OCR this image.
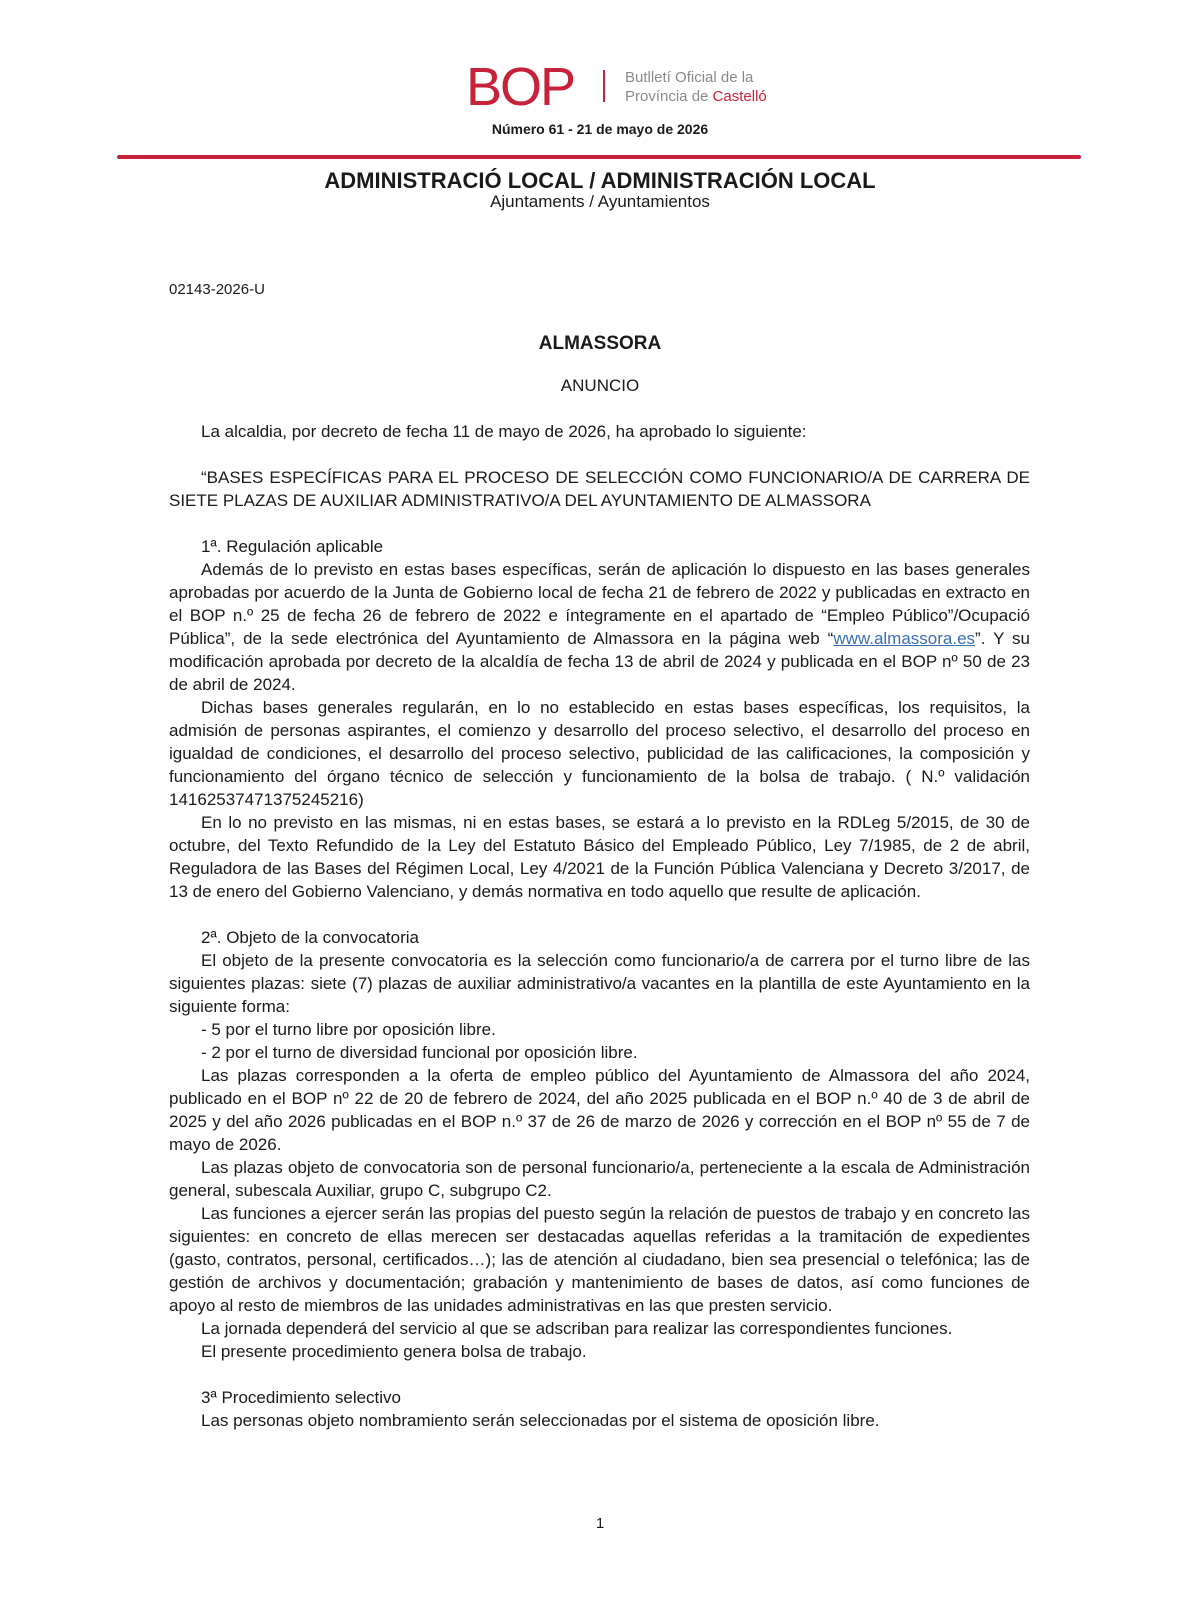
BOP	Butlletí Oficial de la
Província de Castelló
Número 61 - 21 de mayo de 2026
ADMINISTRACIÓ LOCAL / ADMINISTRACIÓN LOCAL
Ajuntaments / Ayuntamientos
02143-2026-U
ALMASSORA
ANUNCIO

La alcaldia, por decreto de fecha 11 de mayo de 2026, ha aprobado lo siguiente:

“BASES ESPECÍFICAS PARA EL PROCESO DE SELECCIÓN COMO FUNCIONARIO/A DE CARRERA DE SIETE PLAZAS DE AUXILIAR ADMINISTRATIVO/A DEL AYUNTAMIENTO DE ALMASSORA

1ª. Regulación aplicable

Además de lo previsto en estas bases específicas, serán de aplicación lo dispuesto en las bases generales aprobadas por acuerdo de la Junta de Gobierno local de fecha 21 de febrero de 2022 y publicadas en extracto en el BOP n.º 25 de fecha 26 de febrero de 2022 e íntegramente en el apartado de “Empleo Público”/Ocupació Pública”, de la sede electrónica del Ayuntamiento de Almassora en la página web “www.almassora.es”. Y su modificación aprobada por decreto de la alcaldía de fecha 13 de abril de 2024 y publicada en el BOP nº 50 de 23 de abril de 2024.

Dichas bases generales regularán, en lo no establecido en estas bases específicas, los requisitos, la admisión de personas aspirantes, el comienzo y desarrollo del proceso selectivo, el desarrollo del proceso en igualdad de condiciones, el desarrollo del proceso selectivo, publicidad de las calificaciones, la composición y funcionamiento del órgano técnico de selección y funcionamiento de la bolsa de trabajo. ( N.º validación 14162537471375245216)

En lo no previsto en las mismas, ni en estas bases, se estará a lo previsto en la RDLeg 5/2015, de 30 de octubre, del Texto Refundido de la Ley del Estatuto Básico del Empleado Público, Ley 7/1985, de 2 de abril, Reguladora de las Bases del Régimen Local, Ley 4/2021 de la Función Pública Valenciana y Decreto 3/2017, de 13 de enero del Gobierno Valenciano, y demás normativa en todo aquello que resulte de aplicación.

2ª. Objeto de la convocatoria

El objeto de la presente convocatoria es la selección como funcionario/a de carrera por el turno libre de las siguientes plazas: siete (7) plazas de auxiliar administrativo/a vacantes en la plantilla de este Ayuntamiento en la siguiente forma:

- 5 por el turno libre por oposición libre.

- 2 por el turno de diversidad funcional por oposición libre.

Las plazas corresponden a la oferta de empleo público del Ayuntamiento de Almassora del año 2024, publicado en el BOP nº 22 de 20 de febrero de 2024, del año 2025 publicada en el BOP n.º 40 de 3 de abril de 2025 y del año 2026 publicadas en el BOP n.º 37 de 26 de marzo de 2026 y corrección en el BOP nº 55 de 7 de mayo de 2026.

Las plazas objeto de convocatoria son de personal funcionario/a, perteneciente a la escala de Administración general, subescala Auxiliar, grupo C, subgrupo C2.

Las funciones a ejercer serán las propias del puesto según la relación de puestos de trabajo y en concreto las siguientes: en concreto de ellas merecen ser destacadas aquellas referidas a la tramitación de expedientes (gasto, contratos, personal, certificados…); las de atención al ciudadano, bien sea presencial o telefónica; las de gestión de archivos y documentación; grabación y mantenimiento de bases de datos, así como funciones de apoyo al resto de miembros de las unidades administrativas en las que presten servicio.

La jornada dependerá del servicio al que se adscriban para realizar las correspondientes funciones.

El presente procedimiento genera bolsa de trabajo.

3ª Procedimiento selectivo

Las personas objeto nombramiento serán seleccionadas por el sistema de oposición libre.

1
